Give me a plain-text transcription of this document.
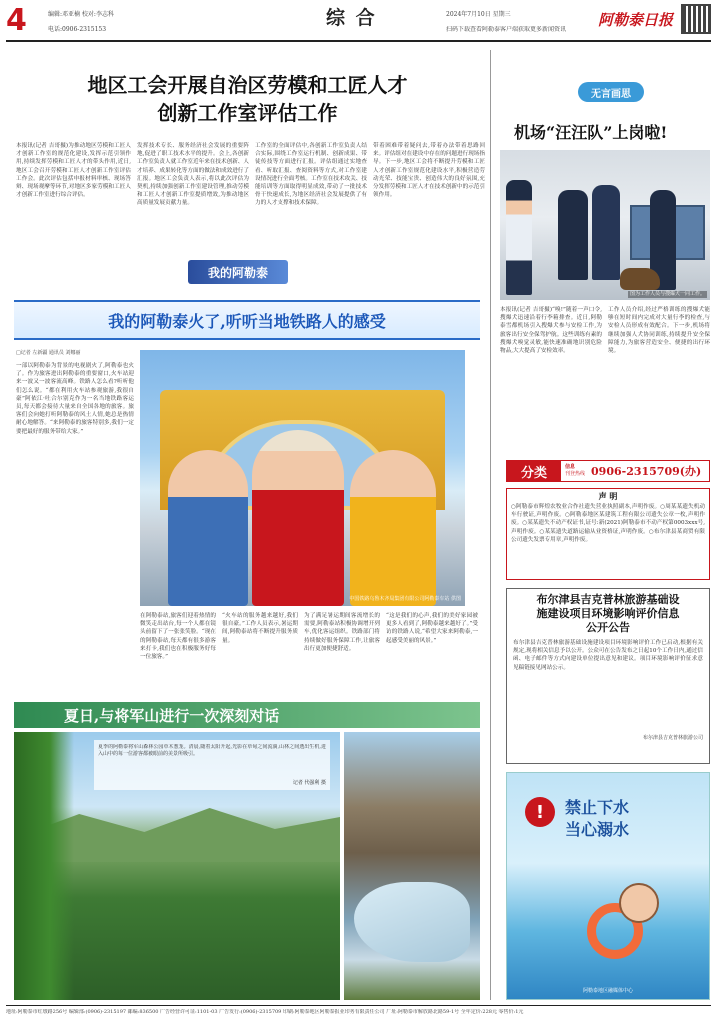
4	编辑:邓亚楠 校对:李志科
电话:0906-2315153
综 合	2024年7月10日 星期三
扫码下载查看阿勒泰客户端获取更多新闻资讯
阿勒泰日报
地区工会开展自治区劳模和工匠人才
创新工作室评估工作
本报讯(记者 吉哥摄)为推动地区劳模和工匠人才创新工作室的规范化建设,发挥示范引领作用,持续发挥劳模和工匠人才的带头作用,近日,地区工会召开劳模和工匠人才创新工作室评估工作会。此次评估包括申报材料审核、现场答辩、现场观摩等环节,对地区多家劳模和工匠人才创新工作室进行综合评估。
发挥技术专长、服务经济社会发展的重要阵地,促进了职工技术水平的提升。会上,各创新工作室负责人就工作室近年来在技术创新、人才培养、成果转化等方面的做法和成效进行了汇报。地区工会负责人表示,将以此次评估为契机,持续加强创新工作室建设管理,推动劳模和工匠人才创新工作室提质增效,为推动地区高质量发展贡献力量。
工作室的全面评估中,各创新工作室负责人结合实际,围绕工作室运行机制、创新成果、带徒传技等方面进行汇报。评估组通过实地查看、听取汇报、查阅资料等方式,对工作室建设情况进行全面考核。工作室在技术攻关、技能培训等方面取得明显成效,带动了一批技术骨干快速成长,为地区经济社会发展提供了有力的人才支撑和技术保障。
带着困难带着疑问去,带着办法带着思路回来。评估组对在建设中存在的问题进行现场指导。下一步,地区工会将不断提升劳模和工匠人才创新工作室规范化建设水平,积极营造劳动光荣、技能宝贵、创造伟大的良好氛围,充分发挥劳模和工匠人才在技术创新中的示范引领作用。
我的阿勒泰
我的阿勒泰火了,听听当地铁路人的感受
□记者 左新疆 通讯员 刘娜丽
一部以阿勒泰为背景的电视剧火了,阿勒泰也火了。作为旅客进出阿勒泰的重要窗口,火车站迎来一波又一波客流高峰。铁路人怎么看?听听他们怎么说。“都在利用火车站参观旅游,我很自豪”阿依江·吐合尔别克作为一名当地铁路客运员,每天都会接待大量来自全国各地的旅客。旅客们会向她打听阿勒泰的风土人情,她总是热情耐心地解答。“来阿勒泰的旅客特别多,我们一定要把最好的服务带给大家。”
中国铁路乌鲁木齐局集团有限公司阿勒泰车站 供图
在阿勒泰站,旅客们迎着热情的微笑走出站台,每一个人都在镜头前留下了一张张笑脸。“现在的阿勒泰站,每天都有很多游客来打卡,我们也在积极服务好每一位旅客。”
“火车站的服务越来越好,我们很自豪。”工作人员表示,暑运期间,阿勒泰站将不断提升服务质量。
为了满足暑运期间客流增长的需要,阿勒泰站积极协调增开列车,优化客运组织。铁路部门将持续做好服务保障工作,让旅客出行更加便捷舒适。
“这是我们的心声,我们的美好家园被更多人看到了,阿勒泰越来越好了。”受访的铁路人说,“希望大家来阿勒泰,一起感受美丽的风景。”
夏日,与将军山进行一次深刻对话
夏季的阿勒泰将军山森林公园草木葱茏。清晨,随着太阳升起,光影在草甸之间流淌,山林之间透出生机,进入山中的每一位游客都被眼前的美景所吸引。
记者 代强利 摄
无言画思
机场“汪汪队”上岗啦!
图为工作人员与搜爆犬一同工作。
本报讯(记者 吉哥摄)“嗅!”随着一声口令,搜爆犬迅速沿着行李箱排查。近日,阿勒泰雪都机场引入搜爆犬参与安检工作,为旅客出行安全保驾护航。这些训练有素的搜爆犬嗅觉灵敏,能快速准确地识别危险物品,大大提高了安检效率。
工作人员介绍,经过严格训练的搜爆犬能够在短时间内完成对大量行李的检查,与安检人员形成有效配合。下一步,机场将继续加强人犬协同训练,持续提升安全保障能力,为旅客营造安全、便捷的出行环境。
分类	信息
刊登热线 0906-2315709(办)
声 明
○阿勒泰市辉煌农牧业合作社遗失营业执照副本,声明作废。○周某某遗失机动车行驶证,声明作废。○阿勒泰地区某建筑工程有限公司遗失公章一枚,声明作废。○某某遗失不动产权证书,证号:新(2021)阿勒泰市不动产权第0003xxx号,声明作废。○某某遗失道路运输从业资格证,声明作废。○布尔津县某商贸有限公司遗失发票专用章,声明作废。
布尔津县吉克普林旅游基础设
施建设项目环境影响评价信息
公开公告
布尔津县吉克普林旅游基础设施建设项目环境影响评价工作已启动,根据有关规定,现将相关信息予以公开。公众可在公告发布之日起10个工作日内,通过信函、电子邮件等方式向建设单位提出意见和建议。项目环境影响评价征求意见稿链接见网站公示。
布尔津县吉克普林旅游公司
!	禁止下水
当心溺水
阿勒泰地区融媒体中心
地址:阿勒泰市红墩路256号 编辑部:(0906)-2315197 邮编:836500 广告经营许可证:1101-03 广告发行:(0906)-2315709 印刷:阿勒泰地区阿勒泰报业印务有限责任公司 厂址:阿勒泰市解放路北路59-1号 全年定价:228元 零售价:1元
